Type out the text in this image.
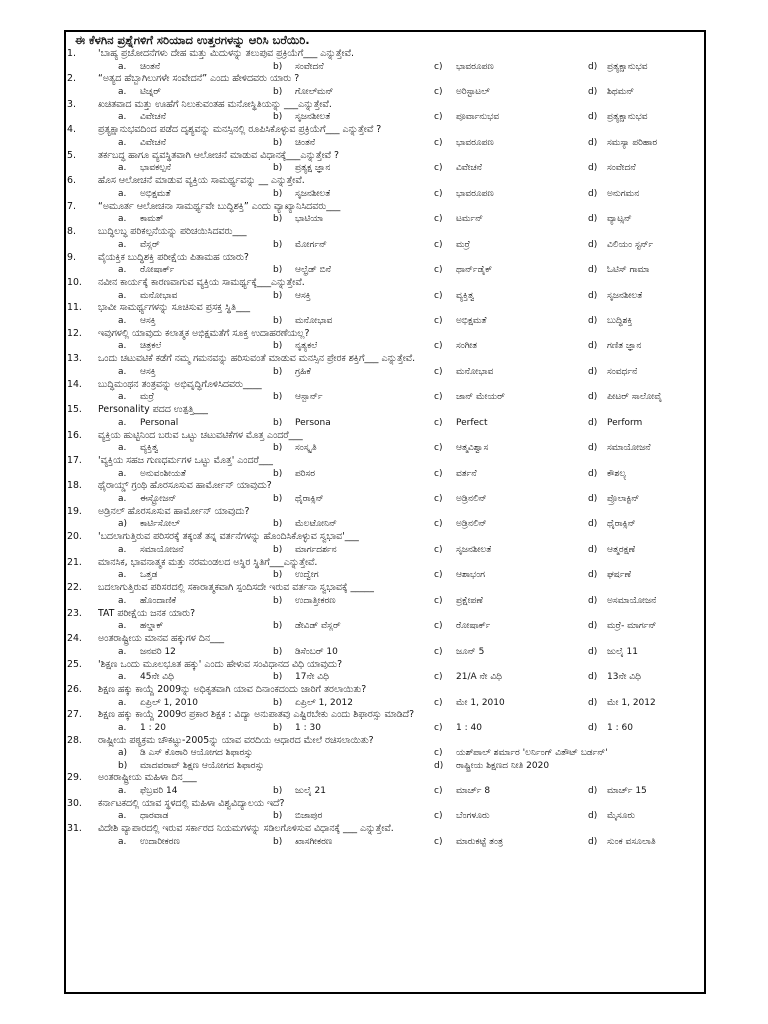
ಈ ಕೆಳಗಿನ ಪ್ರಶ್ನೆಗಳಿಗೆ ಸರಿಯಾದ ಉತ್ತರಗಳನ್ನು ಆರಿಸಿ ಬರೆಯಿರಿ.
1.	'ಬಾಹ್ಯ ಪ್ರಚೋದನೆಗಳು ದೇಹ ಮತ್ತು ಮಿದುಳನ್ನು ತಲುಪುವ ಪ್ರಕ್ರಿಯೆಗೆ___ ಎನ್ನುತ್ತೇವೆ.
a.	ಚಿಂತನೆ	b)	ಸಂವೇದನೆ	c)	ಭಾವರೂಪಣ	d)	ಪ್ರತ್ಯಕ್ಷಾನುಭವ
2.	“ಅತ್ಯದ ಹೆಬ್ಬಾಗಿಲುಗಳೇ ಸಂವೇದನೆ” ಎಂದು ಹೇಳಿದವರು ಯಾರು ?
a.	ಟಿಚ್ನರ್	b)	ಗೋಲ್‍ಮನ್	c)	ಅರಿಸ್ಟಾಟಲ್	d)	ಶಿಥಮನ್
3.	ಖಚಿತವಾದ ಮತ್ತು ಊಹೆಗೆ ನಿಲುಕುವಂತಹ ಮನೋಸ್ಥಿತಿಯನ್ನು ___ಎನ್ನುತ್ತೇವೆ.
a.	ವಿವೇಚನೆ	b)	ಸೃಜನಶೀಲತೆ	c)	ಪೂರ್ವಾನುಭವ	d)	ಪ್ರತ್ಯಕ್ಷಾನುಭವ
4.	ಪ್ರತ್ಯಕ್ಷಾನುಭವದಿಂದ ಪಡೆದ ದೃಶ್ಯವನ್ನು ಮನಸ್ಸಿನಲ್ಲಿ ರೂಪಿಸಿಕೊಳ್ಳುವ ಪ್ರಕ್ರಿಯೆಗೆ___ ಎನ್ನುತ್ತೇವೆ ?
a.	ವಿವೇಚನೆ	b)	ಚಿಂತನೆ	c)	ಭಾವರೂಪಣ	d)	ಸಮಸ್ಯಾ ಪರಿಹಾರ
5.	ತರ್ಕಬದ್ಧ ಹಾಗೂ ವ್ಯವಸ್ಥಿತವಾಗಿ ಆಲೋಚನೆ ಮಾಡುವ ವಿಧಾನಕ್ಕೆ___ಎನ್ನುತ್ತೇವೆ ?
a.	ಭಾವಕಲ್ಪನೆ	b)	ಪ್ರತ್ಯಕ್ಷ ಜ್ಞಾನ	c)	ವಿವೇಚನೆ	d)	ಸಂವೇದನೆ
6.	ಹೊಸ ಆಲೋಚನೆ ಮಾಡುವ ವ್ಯಕ್ತಿಯ ಸಾಮರ್ಥ್ಯವನ್ನು __ ಎನ್ನುತ್ತೇವೆ.
a.	ಅಭಿಕ್ಷಮತೆ	b)	ಸೃಜನಶೀಲತೆ	c)	ಭಾವರೂಪಣ	d)	ಅನುಗಮನ
7.	“ಅಮೂರ್ತ ಆಲೋಚನಾ ಸಾಮರ್ಥ್ಯವೇ ಬುದ್ಧಿಶಕ್ತಿ” ಎಂದು ವ್ಯಾಖ್ಯಾನಿಸಿದವರು___
a.	ಕಾಮತ್	b)	ಭಾಟಿಯಾ	c)	ಟರ್ಮನ್	d)	ವ್ಯಾಟ್ಸನ್
8.	ಬುದ್ಧಿಲಬ್ಧ ಪರಿಕಲ್ಪನೆಯನ್ನು ಪರಿಚಯಿಸಿದವರು___
a.	ವೆಸ್ಲರ್	b)	ಮೋರ್ಗನ್	c)	ಮರ್ರೆ	d)	ವಿಲಿಯಂ ಸ್ಟರ್ನ್
9.	ವೈಯಕ್ತಿಕ ಬುದ್ಧಿಶಕ್ತಿ ಪರೀಕ್ಷೆಯ ಪಿತಾಮಹ ಯಾರು?
a.	ರೋಷಾರ್ಕ್	b)	ಆಲ್ಫ್ರೆಡ್ ಬಿನೆ	c)	ಥಾರ್ನ್‍ಡೈಕ್	d)	ಓಟಿಸ್ ಗಾಮಾ
10.	ನವೀನ ಕಾರ್ಯಕ್ಕೆ ಕಾರಣವಾಗುವ ವ್ಯಕ್ತಿಯ ಸಾಮರ್ಥ್ಯಕ್ಕೆ___ಎನ್ನುತ್ತೇವೆ.
a.	ಮನೋಭಾವ	b)	ಆಸಕ್ತಿ	c)	ವ್ಯಕ್ತಿತ್ವ	d)	ಸೃಜನಶೀಲತೆ
11.	ಭಾವೀ ಸಾಮರ್ಥ್ಯಗಳನ್ನು ಸೂಚಿಸುವ ಪ್ರಸಕ್ತ ಸ್ಥಿತಿ___
a.	ಆಸಕ್ತಿ	b)	ಮನೋಭಾವ	c)	ಅಭಿಕ್ಷಮತೆ	d)	ಬುದ್ಧಿಶಕ್ತಿ
12.	ಇವುಗಳಲ್ಲಿ ಯಾವುದು ಕಲಾತ್ಮಕ ಅಭಿಕ್ಷಮತೆಗೆ ಸೂಕ್ತ ಉದಾಹರಣೆಯಲ್ಲ?
a.	ಚಿತ್ರಕಲೆ	b)	ನೃತ್ಯಕಲೆ	c)	ಸಂಗೀತ	d)	ಗಣಿತ ಜ್ಞಾನ
13.	ಒಂದು ಚಟುವಟಿಕೆ ಕಡೆಗೆ ನಮ್ಮ ಗಮನವನ್ನು ಹರಿಸುವಂತೆ ಮಾಡುವ ಮನಸ್ಸಿನ ಪ್ರೇರಕ ಶಕ್ತಿಗೆ___ ಎನ್ನುತ್ತೇವೆ.
a.	ಆಸಕ್ತಿ	b)	ಗ್ರಹಿಕೆ	c)	ಮನೋಭಾವ	d)	ಸಂವರ್ಧನೆ
14.	ಬುದ್ಧಿಮಂಥನ ತಂತ್ರವನ್ನು ಅಭಿವೃದ್ಧಿಗೊಳಿಸಿದವರು____
a.	ಮರ್ರೆ	b)	ಆಸ್ಬಾರ್ನ್	c)	ಜಾನ್ ಮೇಯರ್	d)	ಪೀಟರ್ ಸಾಲೋವೈ
15.	Personality ಪದದ ಉತ್ಪತ್ತಿ___
a.	Personal	b)	Persona	c)	Perfect	d)	Perform
16.	ವ್ಯಕ್ತಿಯ ಹುಟ್ಟಿನಿಂದ ಬರುವ ಒಟ್ಟು ಚಟುವಟಿಕೆಗಳ ಮೊತ್ತ ಎಂದರೆ___
a.	ವ್ಯಕ್ತಿತ್ವ	b)	ಸಂಸ್ಕೃತಿ	c)	ಆತ್ಮವಿಶ್ವಾಸ	d)	ಸಮಾಯೋಜನೆ
17.	'ವ್ಯಕ್ತಿಯ ಸಹಜ ಗುಣಧರ್ಮಗಳ ಒಟ್ಟು ಮೊತ್ತ' ಎಂದರೆ___
a.	ಅನುವಂಶೀಯತೆ	b)	ಪರಿಸರ	c)	ವರ್ತನೆ	d)	ಕೌಶಲ್ಯ
18.	ಥೈರಾಯ್ಡ್ ಗ್ರಂಥಿ ಹೊರಸೂಸುವ ಹಾರ್ಮೋನ್ ಯಾವುದು?
a.	ಈಸ್ಟ್ರೋಜನ್	b)	ಥೈರಾಕ್ಸಿನ್	c)	ಅಡ್ರಿನಲಿನ್	d)	ಪ್ರೊಲಾಕ್ಟಿನ್
19.	ಅಡ್ರಿನಲ್ ಹೊರಸೂಸುವ ಹಾರ್ಮೋನ್ ಯಾವುದು?
a)	ಕಾರ್ಟಿಸೋಲ್	b)	ಮೆಲಟೋನಿನ್	c)	ಅಡ್ರಿನಲಿನ್	d)	ಥೈರಾಕ್ಸಿನ್
20.	'ಬದಲಾಗುತ್ತಿರುವ ಪರಿಸರಕ್ಕೆ ತಕ್ಕಂತೆ ತನ್ನ ವರ್ತನೆಗಳನ್ನು ಹೊಂದಿಸಿಕೊಳ್ಳುವ ಸ್ವಭಾವ'___
a.	ಸಮಾಯೋಜನೆ	b)	ಮಾರ್ಗದರ್ಶನ	c)	ಸೃಜನಶೀಲತೆ	d)	ಆತ್ಮರಕ್ಷಣೆ
21.	ಮಾನಸಿಕ, ಭಾವನಾತ್ಮಕ ಮತ್ತು ನರಮಂಡಲದ ಅಸ್ಥಿರ ಸ್ಥಿತಿಗೆ___ಎನ್ನುತ್ತೇವೆ.
a.	ಒತ್ತಡ	b)	ಉದ್ವೇಗ	c)	ಆಶಾಭಂಗ	d)	ಘರ್ಷಣೆ
22.	ಬದಲಾಗುತ್ತಿರುವ ಪರಿಸರದಲ್ಲಿ ಸಕಾರಾತ್ಮಕವಾಗಿ ಸ್ಪಂದಿಸದೇ ಇರುವ ವರ್ತನಾ ಸ್ವಭಾವಕ್ಕೆ _____
a.	ಹೊಂದಾಣಿಕೆ	b)	ಉದಾತ್ತೀಕರಣ	c)	ಪ್ರಕ್ಷೇಪಣೆ	d)	ಅಸಮಾಯೋಜನೆ
23.	TAT ಪರೀಕ್ಷೆಯ ಜನಕ ಯಾರು?
a.	ಹಲ್ಡಾಕ್	b)	ಡೇವಿಡ್ ವೆಸ್ಲರ್	c)	ರೋಷಾರ್ಕ್	d)	ಮರ್ರೆ- ಮಾರ್ಗನ್
24.	ಅಂತರಾಷ್ಟ್ರೀಯ ಮಾನವ ಹಕ್ಕುಗಳ ದಿನ___
a.	ಜನವರಿ 12	b)	ಡಿಸೆಂಬರ್ 10	c)	ಜೂನ್ 5	d)	ಜುಲೈ 11
25.	'ಶಿಕ್ಷಣ ಒಂದು ಮೂಲಭೂತ ಹಕ್ಕು' ಎಂದು ಹೇಳುವ ಸಂವಿಧಾನದ ವಿಧಿ ಯಾವುದು?
a.	45ನೇ ವಿಧಿ	b)	17ನೇ ವಿಧಿ	c)	21/A ನೇ ವಿಧಿ	d)	13ನೇ ವಿಧಿ
26.	ಶಿಕ್ಷಣ ಹಕ್ಕು ಕಾಯ್ದೆ 2009ನ್ನು ಅಧಿಕೃತವಾಗಿ ಯಾವ ದಿನಾಂಕದಂದು ಜಾರಿಗೆ ತರಲಾಯಿತು?
a.	ಏಪ್ರಿಲ್ 1, 2010	b)	ಏಪ್ರಿಲ್ 1, 2012	c)	ಮೇ 1, 2010	d)	ಮೇ 1, 2012
27.	ಶಿಕ್ಷಣ ಹಕ್ಕು ಕಾಯ್ದೆ 2009ರ ಪ್ರಕಾರ ಶಿಕ್ಷಕ : ವಿದ್ಯಾ ಅನುಪಾತವು ಎಷ್ಟಿರಬೇಕು ಎಂದು ಶಿಫಾರಸ್ಸು ಮಾಡಿದೆ?
a.	1 : 20	b)	1 : 30	c)	1 : 40	d)	1 : 60
28.	ರಾಷ್ಟ್ರೀಯ ಪಠ್ಯಕ್ರಮ ಚೌಕಟ್ಟು-2005ನ್ನು ಯಾವ ವರದಿಯ ಆಧಾರದ ಮೇಲೆ ರಚಿಸಲಾಯಿತು?
a)	ಡಿ ಎಸ್ ಕೊಠಾರಿ ಆಯೋಗದ ಶಿಫಾರಸ್ಸು	c)	ಯಶ್‍ಪಾಲ್ ಶರ್ಮಾರ 'ಲರ್ನಿಂಗ್ ವಿತೌಟ್ ಬರ್ಡನ್'
b)	ಮಾದವರಾವ್ ಶಿಕ್ಷಣ ಆಯೋಗದ ಶಿಫಾರಸ್ಸು	d)	ರಾಷ್ಟ್ರೀಯ ಶಿಕ್ಷಣದ ನೀತಿ 2020
29.	ಅಂತರಾಷ್ಟ್ರೀಯ ಮಹಿಳಾ ದಿನ___
a.	ಫೆಬ್ರವರಿ 14	b)	ಜುಲೈ 21	c)	ಮಾರ್ಚ್ 8	d)	ಮಾರ್ಚ್ 15
30.	ಕರ್ನಾಟಕದಲ್ಲಿ ಯಾವ ಸ್ಥಳದಲ್ಲಿ ಮಹಿಳಾ ವಿಶ್ವವಿದ್ಯಾಲಯ ಇದೆ?
a.	ಧಾರವಾಡ	b)	ಬಿಜಾಪುರ	c)	ಬೆಂಗಳೂರು	d)	ಮೈಸೂರು
31.	ವಿದೇಶಿ ವ್ಯಾಪಾರದಲ್ಲಿ ಇರುವ ಸರ್ಕಾರದ ನಿಯಮಗಳನ್ನು ಸಡಿಲಗೊಳಿಸುವ ವಿಧಾನಕ್ಕೆ ___ ಎನ್ನುತ್ತೇವೆ.
a.	ಉದಾರೀಕರಣ	b)	ಖಾಸಗೀಕರಣ	c)	ಮಾರುಕಟ್ಟೆ ತಂತ್ರ	d)	ಸುಂಕ ವಸೂಲಾತಿ
